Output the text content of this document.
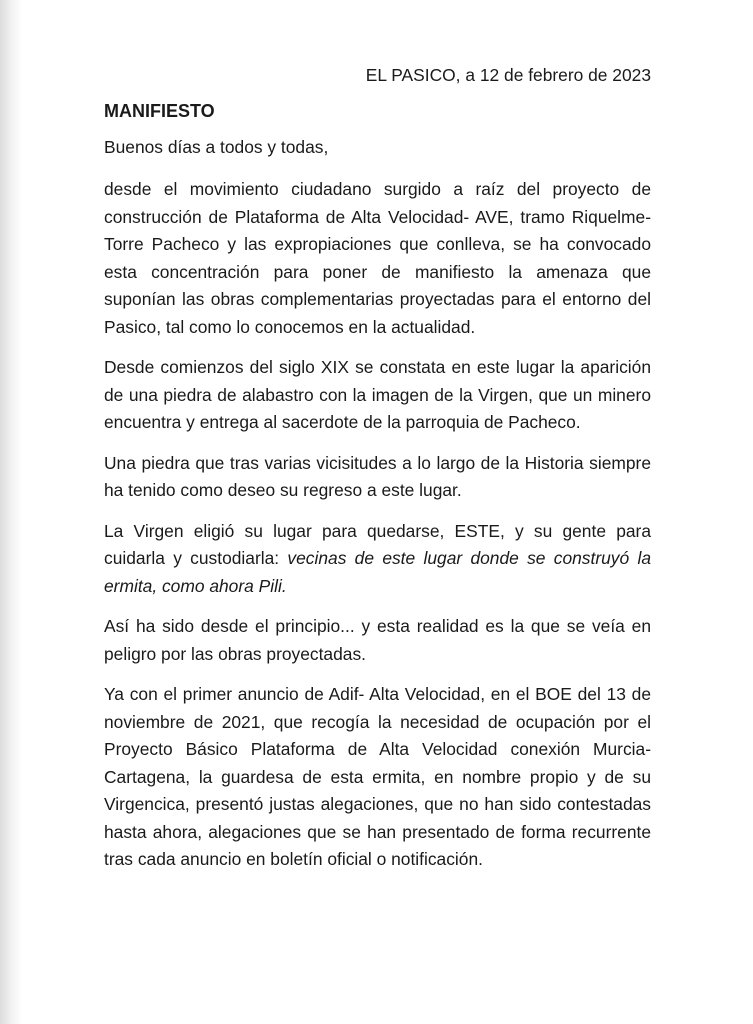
EL PASICO, a 12 de febrero de 2023
MANIFIESTO
Buenos días a todos y todas,
desde el movimiento ciudadano surgido a raíz del proyecto de construcción de Plataforma de Alta Velocidad- AVE, tramo Riquelme-Torre Pacheco y las expropiaciones que conlleva, se ha convocado esta concentración para poner de manifiesto la amenaza que suponían las obras complementarias proyectadas para el entorno del Pasico, tal como lo conocemos en la actualidad.
Desde comienzos del siglo XIX se constata en este lugar la aparición de una piedra de alabastro con la imagen de la Virgen, que un minero encuentra y entrega al sacerdote de la parroquia de Pacheco.
Una piedra que tras varias vicisitudes a lo largo de la Historia siempre ha tenido como deseo su regreso a este lugar.
La Virgen eligió su lugar para quedarse, ESTE, y su gente para cuidarla y custodiarla: vecinas de este lugar donde se construyó la ermita, como ahora Pili.
Así ha sido desde el principio... y esta realidad es la que se veía en peligro por las obras proyectadas.
Ya con el primer anuncio de Adif- Alta Velocidad, en el BOE del 13 de noviembre de 2021, que recogía la necesidad de ocupación por el Proyecto Básico Plataforma de Alta Velocidad conexión Murcia-Cartagena, la guardesa de esta ermita, en nombre propio y de su Virgencica, presentó justas alegaciones, que no han sido contestadas hasta ahora, alegaciones que se han presentado de forma recurrente tras cada anuncio en boletín oficial o notificación.
